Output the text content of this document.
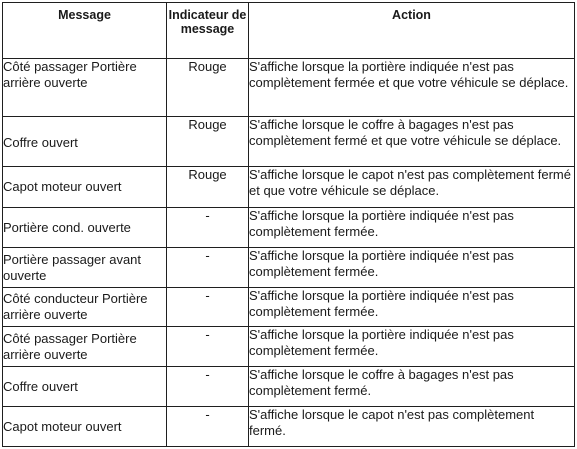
Message	Indicateur de message	Action
Côté passager Portière arrière ouverte	Rouge	S'affiche lorsque la portière indiquée n'est pas complètement fermée et que votre véhicule se déplace.
Coffre ouvert	Rouge	S'affiche lorsque le coffre à bagages n'est pas complètement fermé et que votre véhicule se déplace.
Capot moteur ouvert	Rouge	S'affiche lorsque le capot n'est pas complètement fermé et que votre véhicule se déplace.
Portière cond. ouverte	-	S'affiche lorsque la portière indiquée n'est pas complètement fermée.
Portière passager avant ouverte	-	S'affiche lorsque la portière indiquée n'est pas complètement fermée.
Côté conducteur Portière arrière ouverte	-	S'affiche lorsque la portière indiquée n'est pas complètement fermée.
Côté passager Portière arrière ouverte	-	S'affiche lorsque la portière indiquée n'est pas complètement fermée.
Coffre ouvert	-	S'affiche lorsque le coffre à bagages n'est pas complètement fermé.
Capot moteur ouvert	-	S'affiche lorsque le capot n'est pas complètement fermé.
